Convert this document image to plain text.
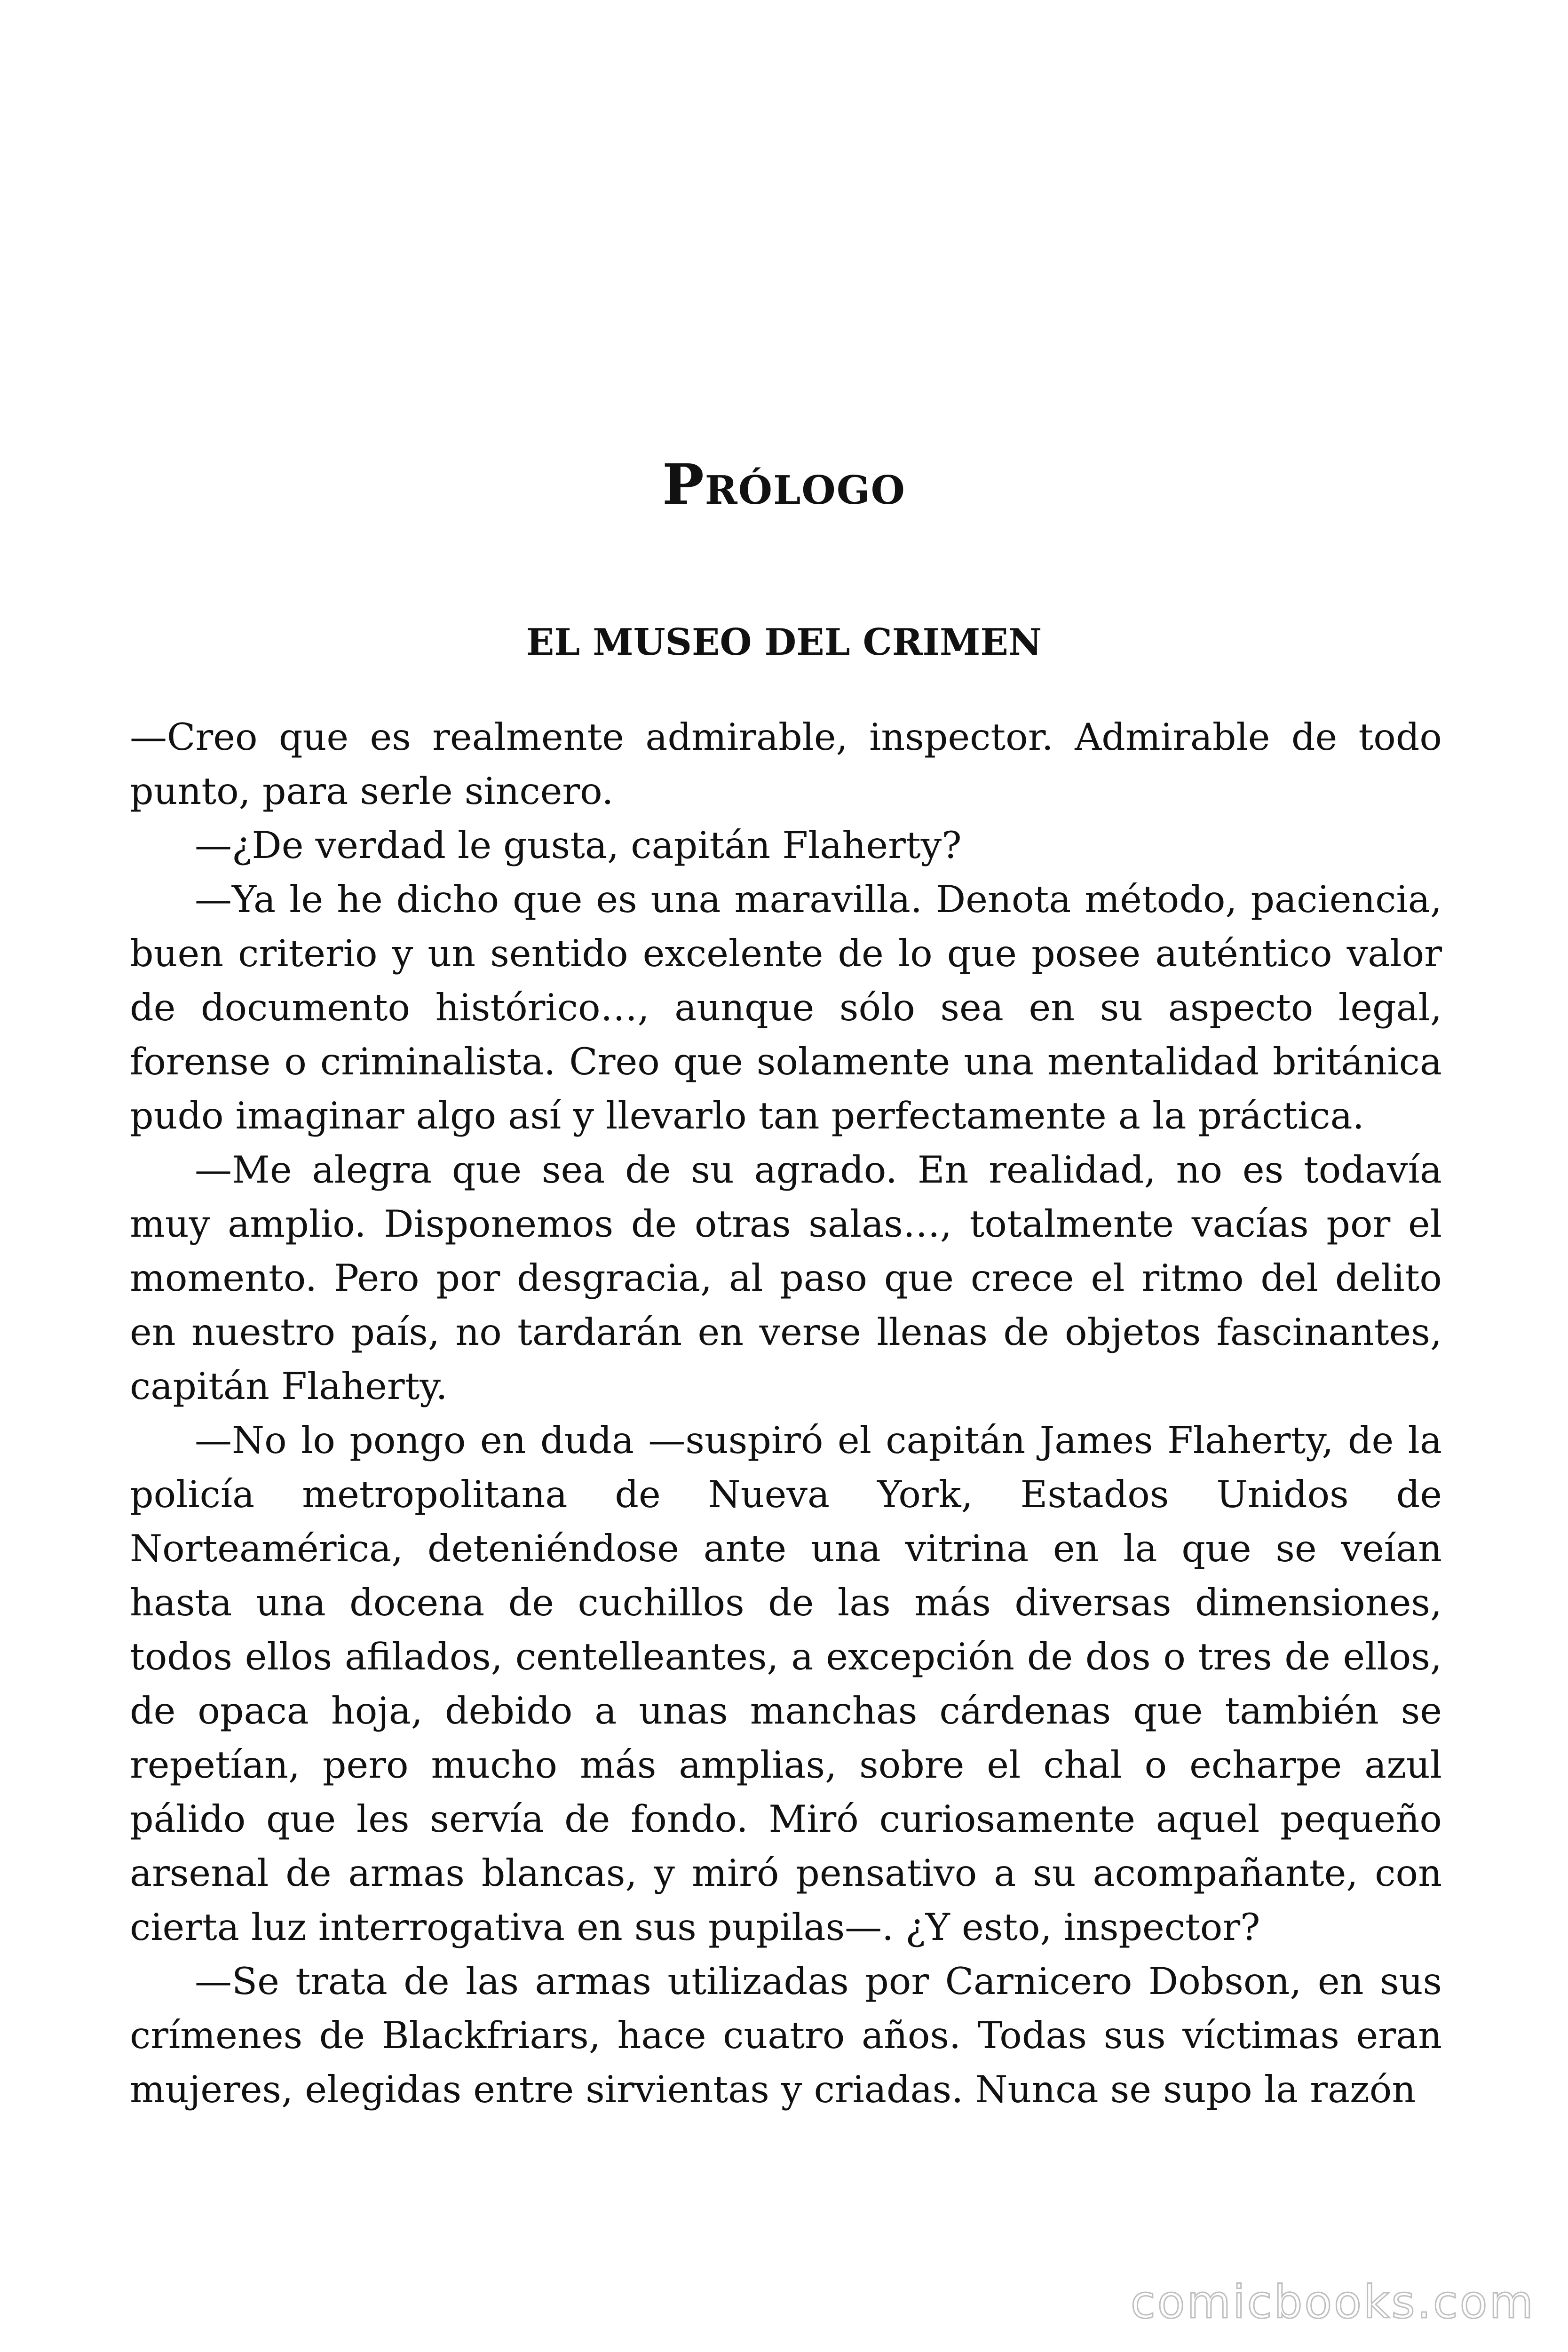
Prólogo
EL MUSEO DEL CRIMEN

—Creo que es realmente admirable, inspector. Admirable de todo punto, para serle sincero.

—¿De verdad le gusta, capitán Flaherty?

—Ya le he dicho que es una maravilla. Denota método, paciencia, buen criterio y un sentido excelente de lo que posee auténtico valor de documento histórico…, aunque sólo sea en su aspecto legal, forense o criminalista. Creo que solamente una mentalidad británica pudo imaginar algo así y llevarlo tan perfectamente a la práctica.

—Me alegra que sea de su agrado. En realidad, no es todavía muy amplio. Disponemos de otras salas…, totalmente vacías por el momento. Pero por desgracia, al paso que crece el ritmo del delito en nuestro país, no tardarán en verse llenas de objetos fascinantes, capitán Flaherty.

—No lo pongo en duda —suspiró el capitán James Flaherty, de la policía metropolitana de Nueva York, Estados Unidos de Norteamérica, deteniéndose ante una vitrina en la que se veían hasta una docena de cuchillos de las más diversas dimensiones, todos ellos afilados, centelleantes, a excepción de dos o tres de ellos, de opaca hoja, debido a unas manchas cárdenas que también se repetían, pero mucho más amplias, sobre el chal o echarpe azul pálido que les servía de fondo. Miró curiosamente aquel pequeño arsenal de armas blancas, y miró pensativo a su acompañante, con cierta luz interrogativa en sus pupilas—. ¿Y esto, inspector?

—Se trata de las armas utilizadas por Carnicero Dobson, en sus crímenes de Blackfriars, hace cuatro años. Todas sus víctimas eran mujeres, elegidas entre sirvientas y criadas. Nunca se supo la razón

comicbooks.com
